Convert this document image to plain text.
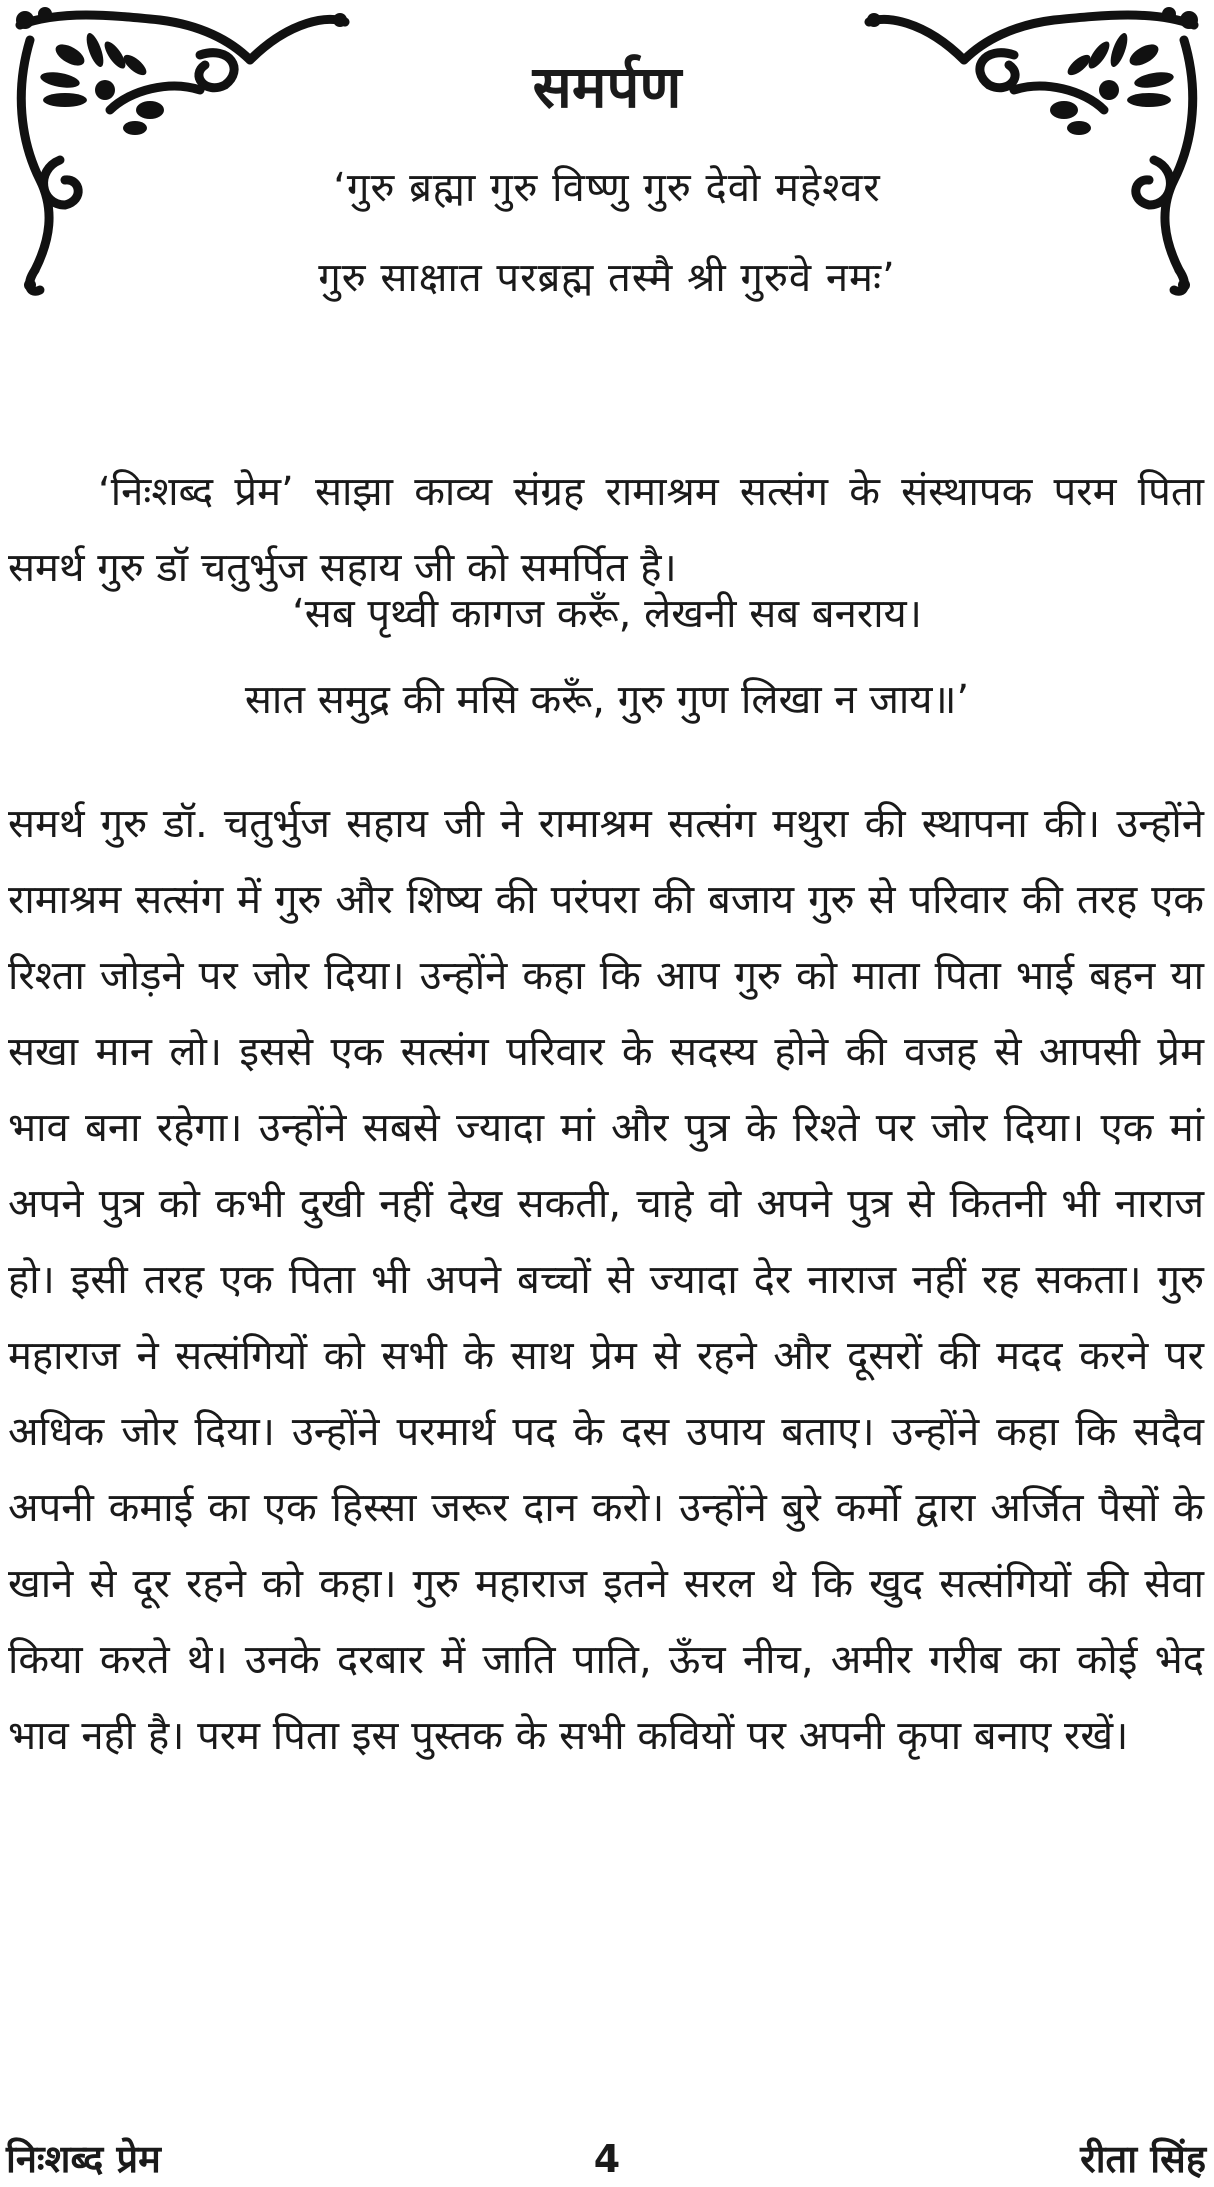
समर्पण
‘गुरु ब्रह्मा गुरु विष्णु गुरु देवो महेश्वर
गुरु साक्षात परब्रह्म तस्मै श्री गुरुवे नमः’

‘निःशब्द प्रेम’ साझा काव्य संग्रह रामाश्रम सत्संग के संस्थापक परम पिता समर्थ गुरु डॉ चतुर्भुज सहाय जी को समर्पित है।

‘सब पृथ्वी कागज करूँ, लेखनी सब बनराय।
सात समुद्र की मसि करूँ, गुरु गुण लिखा न जाय॥’

समर्थ गुरु डॉ. चतुर्भुज सहाय जी ने रामाश्रम सत्संग मथुरा की स्थापना की। उन्होंने रामाश्रम सत्संग में गुरु और शिष्य की परंपरा की बजाय गुरु से परिवार की तरह एक रिश्ता जोड़ने पर जोर दिया। उन्होंने कहा कि आप गुरु को माता पिता भाई बहन या सखा मान लो। इससे एक सत्संग परिवार के सदस्य होने की वजह से आपसी प्रेम भाव बना रहेगा। उन्होंने सबसे ज्यादा मां और पुत्र के रिश्ते पर जोर दिया। एक मां अपने पुत्र को कभी दुखी नहीं देख सकती, चाहे वो अपने पुत्र से कितनी भी नाराज हो। इसी तरह एक पिता भी अपने बच्चों से ज्यादा देर नाराज नहीं रह सकता। गुरु महाराज ने सत्संगियों को सभी के साथ प्रेम से रहने और दूसरों की मदद करने पर अधिक जोर दिया। उन्होंने परमार्थ पद के दस उपाय बताए। उन्होंने कहा कि सदैव अपनी कमाई का एक हिस्सा जरूर दान करो। उन्होंने बुरे कर्मो द्वारा अर्जित पैसों के खाने से दूर रहने को कहा। गुरु महाराज इतने सरल थे कि खुद सत्संगियों की सेवा किया करते थे। उनके दरबार में जाति पाति, ऊँच नीच, अमीर गरीब का कोई भेद भाव नही है। परम पिता इस पुस्तक के सभी कवियों पर अपनी कृपा बनाए रखें।

निःशब्द प्रेम	4	रीता सिंह
